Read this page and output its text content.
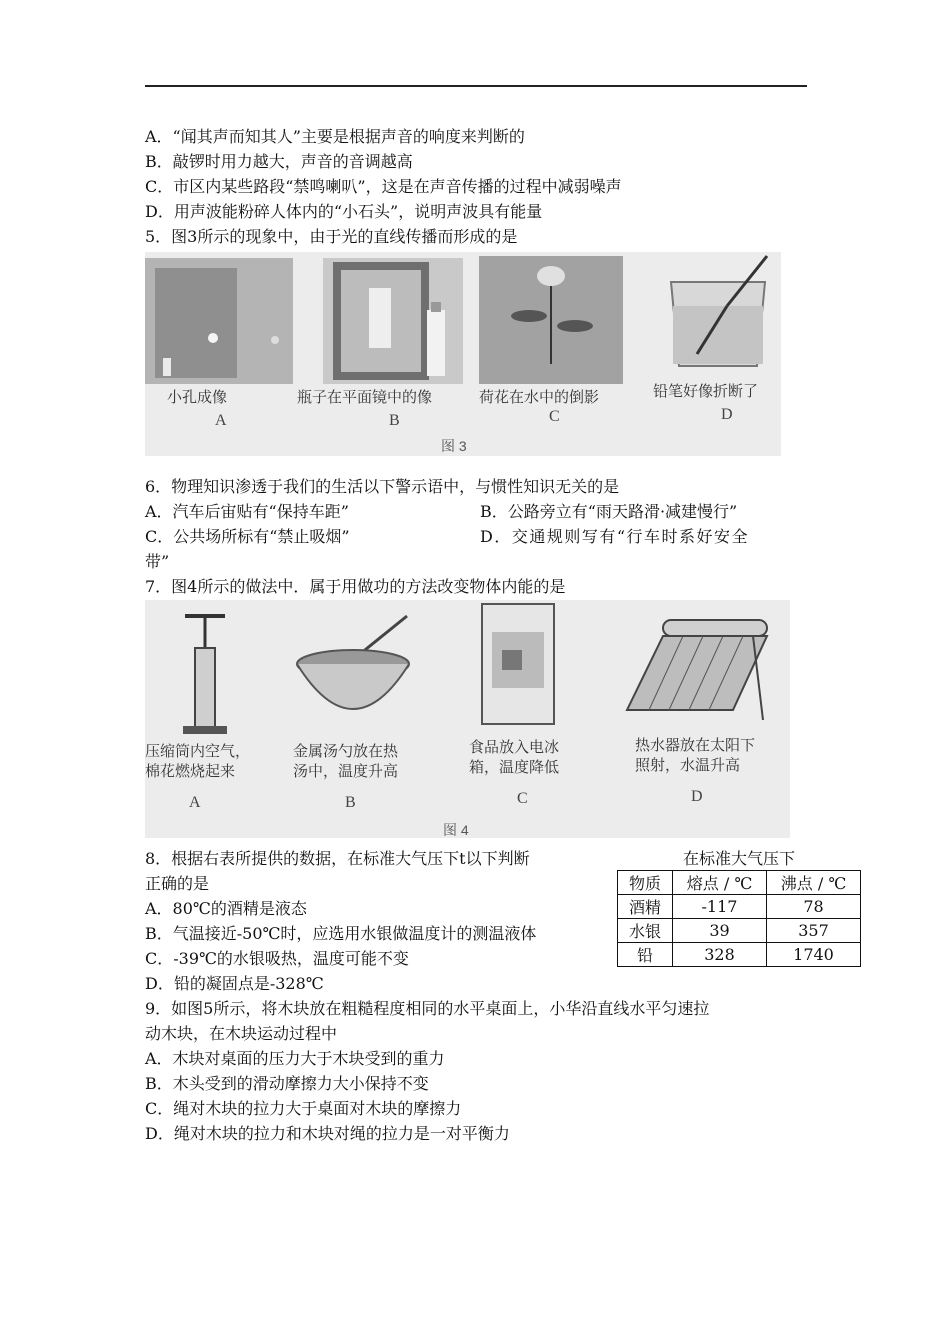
A．“闻其声而知其人”主要是根据声音的响度来判断的
B．敲锣时用力越大，声音的音调越高
C．市区内某些路段“禁鸣喇叭”，这是在声音传播的过程中减弱噪声
D．用声波能粉碎人体内的“小石头”，说明声波具有能量
5．图3所示的现象中，由于光的直线传播而形成的是
小孔成像
A
瓶子在平面镜中的像
B
荷花在水中的倒影
C
铅笔好像折断了
D
图 3
6．物理知识渗透于我们的生活以下警示语中，与惯性知识无关的是
A．汽车后宙贴有“保持车距”	B．公路旁立有“雨天路滑·减建慢行”
C．公共场所标有“禁止吸烟”	D．交通规则写有“行车时系好安全
带”
7．图4所示的做法中．属于用做功的方法改变物体内能的是
压缩筒内空气，
棉花燃烧起来
A
金属汤勺放在热
汤中，温度升高
B
食品放入电冰
箱，温度降低
C
热水器放在太阳下
照射，水温升高
D
图 4
8．根据右表所提供的数据，在标准大气压下t以下判断
正确的是
A．80℃的酒精是液态
B．气温接近-50℃时，应选用水银做温度计的测温液体
C．-39℃的水银吸热，温度可能不变
D．铅的凝固点是-328℃
在标准大气压下
物质	熔点 / ℃	沸点 / ℃
酒精	-117	78
水银	39	357
铅	328	1740
9．如图5所示，将木块放在粗糙程度相同的水平桌面上，小华沿直线水平匀速拉
动木块，在木块运动过程中
A．木块对桌面的压力大于木块受到的重力
B．木头受到的滑动摩擦力大小保持不变
C．绳对木块的拉力大于桌面对木块的摩擦力
D．绳对木块的拉力和木块对绳的拉力是一对平衡力
